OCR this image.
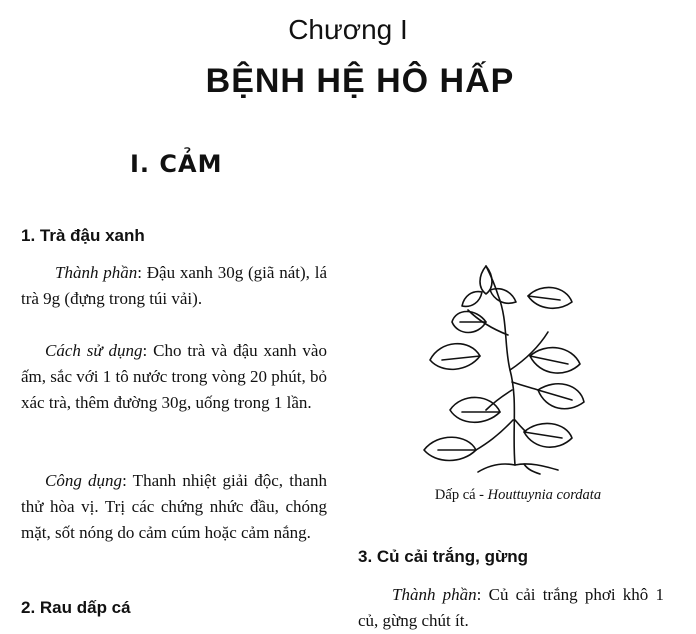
Chương I
BỆNH HỆ HÔ HẤP
I. CẢM
1. Trà đậu xanh
Thành phần: Đậu xanh 30g (giã nát), lá trà 9g (đựng trong túi vải).
Cách sử dụng: Cho trà và đậu xanh vào ấm, sắc với 1 tô nước trong vòng 20 phút, bỏ xác trà, thêm đường 30g, uống trong 1 lần.
Công dụng: Thanh nhiệt giải độc, thanh thử hòa vị. Trị các chứng nhức đầu, chóng mặt, sốt nóng do cảm cúm hoặc cảm nắng.
2. Rau dấp cá
Dấp cá - Houttuynia cordata
3. Củ cải trắng, gừng
Thành phần: Củ cải trắng phơi khô 1 củ, gừng chút ít.
